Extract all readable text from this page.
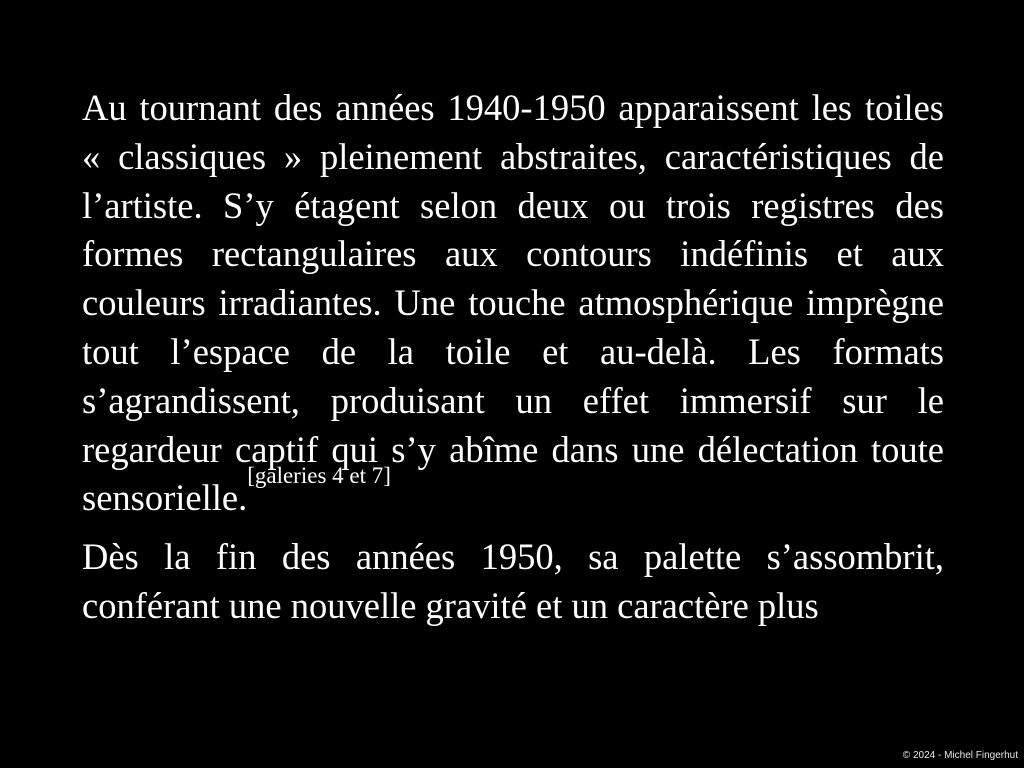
Au tournant des années 1940-1950 apparaissent les toiles « classiques » pleinement abstraites, caractéristiques de l’artiste. S’y étagent selon deux ou trois registres des formes rectangulaires aux contours indéfinis et aux couleurs irradiantes. Une touche atmosphérique imprègne tout l’espace de la toile et au-delà. Les formats s’agrandissent, produisant un effet immersif sur le regardeur captif qui s’y abîme dans une délectation toute sensorielle.[galeries 4 et 7]

Dès la fin des années 1950, sa palette s’assombrit, conférant une nouvelle gravité et un caractère plus

© 2024 - Michel Fingerhut
